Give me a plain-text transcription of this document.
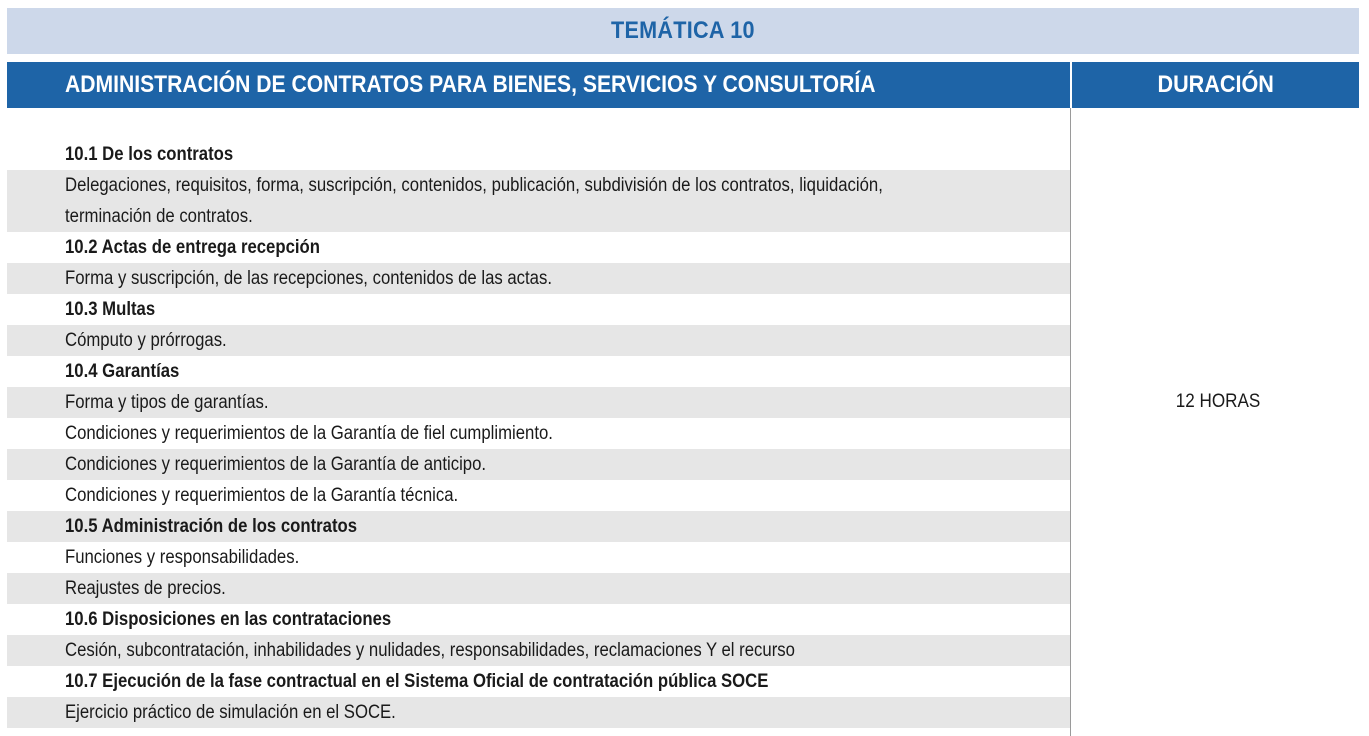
TEMÁTICA 10
ADMINISTRACIÓN DE CONTRATOS PARA BIENES, SERVICIOS Y CONSULTORÍA	DURACIÓN
10.1 De los contratos
Delegaciones, requisitos, forma, suscripción, contenidos, publicación, subdivisión de los contratos, liquidación,
terminación de contratos.
10.2 Actas de entrega recepción
Forma y suscripción, de las recepciones, contenidos de las actas.
10.3 Multas
Cómputo y prórrogas.
10.4 Garantías
Forma y tipos de garantías.
Condiciones y requerimientos de la Garantía de fiel cumplimiento.
Condiciones y requerimientos de la Garantía de anticipo.
Condiciones y requerimientos de la Garantía técnica.
10.5 Administración de los contratos
Funciones y responsabilidades.
Reajustes de precios.
10.6 Disposiciones en las contrataciones
Cesión, subcontratación, inhabilidades y nulidades, responsabilidades, reclamaciones Y el recurso
10.7 Ejecución de la fase contractual en el Sistema Oficial de contratación pública SOCE
Ejercicio práctico de simulación en el SOCE.
12 HORAS
